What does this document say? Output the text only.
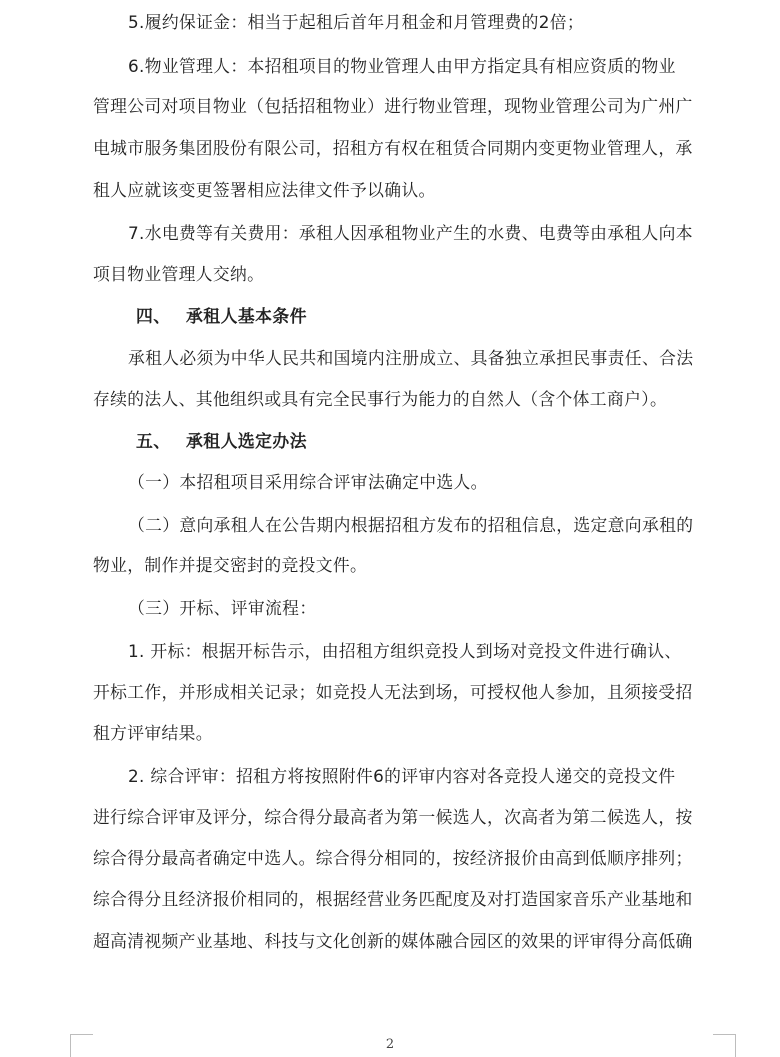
5.履约保证金：相当于起租后首年月租金和月管理费的2倍；
6.物业管理人：本招租项目的物业管理人由甲方指定具有相应资质的物业
管理公司对项目物业（包括招租物业）进行物业管理，现物业管理公司为广州广
电城市服务集团股份有限公司，招租方有权在租赁合同期内变更物业管理人，承
租人应就该变更签署相应法律文件予以确认。
7.水电费等有关费用：承租人因承租物业产生的水费、电费等由承租人向本
项目物业管理人交纳。
四、 承租人基本条件
承租人必须为中华人民共和国境内注册成立、具备独立承担民事责任、合法
存续的法人、其他组织或具有完全民事行为能力的自然人（含个体工商户）。
五、 承租人选定办法
（一）本招租项目采用综合评审法确定中选人。
（二）意向承租人在公告期内根据招租方发布的招租信息，选定意向承租的
物业，制作并提交密封的竞投文件。
（三）开标、评审流程：
1. 开标：根据开标告示，由招租方组织竞投人到场对竞投文件进行确认、
开标工作，并形成相关记录；如竞投人无法到场，可授权他人参加，且须接受招
租方评审结果。
2. 综合评审：招租方将按照附件6的评审内容对各竞投人递交的竞投文件
进行综合评审及评分，综合得分最高者为第一候选人，次高者为第二候选人，按
综合得分最高者确定中选人。综合得分相同的，按经济报价由高到低顺序排列；
综合得分且经济报价相同的，根据经营业务匹配度及对打造国家音乐产业基地和
超高清视频产业基地、科技与文化创新的媒体融合园区的效果的评审得分高低确
2
